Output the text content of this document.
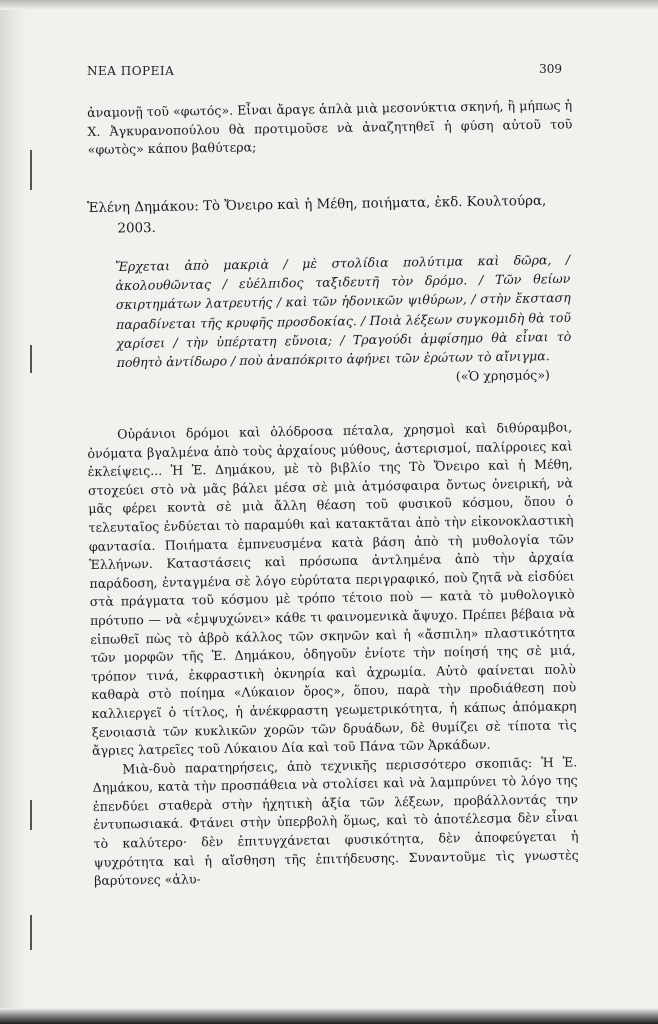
ΝΕΑ ΠΟΡΕΙΑ	309

ἀναμονῇ τοῦ «φωτός». Εἶναι ἄραγε ἁπλὰ μιὰ μεσονύκτια σκηνή, ἢ μήπως ἡ Χ. Ἀγκυρανοπούλου θὰ προτιμοῦσε νὰ ἀναζητηθεῖ ἡ φύση αὐτοῦ τοῦ «φωτὸς» κάπου βαθύτερα;

Ἑλένη Δημάκου: Τὸ Ὄνειρο καὶ ἡ Μέθη, ποιήματα, ἐκδ. Κουλτούρα,
2003.

Ἔρχεται ἀπὸ μακριὰ / μὲ στολίδια πολύτιμα καὶ δῶρα, / ἀκολουθῶντας / εὐέλπιδος ταξιδευτῆ τὸν δρόμο. / Τῶν θείων σκιρτημάτων λατρευτής / καὶ τῶν ἡδονικῶν ψιθύρων, / στὴν ἔκσταση παραδίνεται τῆς κρυφῆς προσδοκίας. / Ποιὰ λέξεων συγκομιδὴ θὰ τοῦ χαρίσει / τὴν ὑπέρτατη εὔνοια; / Τραγούδι ἀμφίσημο θὰ εἶναι τὸ ποθητὸ ἀντίδωρο / ποὺ ἀναπόκριτο ἀφήνει τῶν ἐρώτων τὸ αἴνιγμα.

(«Ὁ χρησμός»)

Οὐράνιοι δρόμοι καὶ ὁλόδροσα πέταλα, χρησμοὶ καὶ διθύραμβοι, ὀνόματα βγαλμένα ἀπὸ τοὺς ἀρχαίους μύθους, ἀστερισμοί, παλίρροιες καὶ ἐκλείψεις... Ἡ Ἑ. Δημάκου, μὲ τὸ βιβλίο της Τὸ Ὄνειρο καὶ ἡ Μέθη, στοχεύει στὸ νὰ μᾶς βάλει μέσα σὲ μιὰ ἀτμόσφαιρα ὄντως ὀνειρική, νὰ μᾶς φέρει κοντὰ σὲ μιὰ ἄλλη θέαση τοῦ φυσικοῦ κόσμου, ὅπου ὁ τελευταῖος ἐνδύεται τὸ παραμύθι καὶ κατακτᾶται ἀπὸ τὴν εἰκονοκλαστικὴ φαντασία. Ποιήματα ἐμπνευσμένα κατὰ βάση ἀπὸ τὴ μυθολογία τῶν Ἑλλήνων. Καταστάσεις καὶ πρόσωπα ἀντλημένα ἀπὸ τὴν ἀρχαία παράδοση, ἐνταγμένα σὲ λόγο εὐρύτατα περιγραφικό, ποὺ ζητᾶ νὰ εἰσδύει στὰ πράγματα τοῦ κόσμου μὲ τρόπο τέτοιο ποὺ — κατὰ τὸ μυθολογικὸ πρότυπο — νὰ «ἐμψυχώνει» κάθε τι φαινομενικὰ ἄψυχο. Πρέπει βέβαια νὰ εἰπωθεῖ πὼς τὸ ἁβρὸ κάλλος τῶν σκηνῶν καὶ ἡ «ἄσπιλη» πλαστικότητα τῶν μορφῶν τῆς Ἑ. Δημάκου, ὁδηγοῦν ἐνίοτε τὴν ποίησή της σὲ μιά, τρόπον τινά, ἐκφραστικὴ ὀκνηρία καὶ ἀχρωμία. Αὐτὸ φαίνεται πολὺ καθαρὰ στὸ ποίημα «Λύκαιον ὄρος», ὅπου, παρὰ τὴν προδιάθεση ποὺ καλλιεργεῖ ὁ τίτλος, ἡ ἀνέκφραστη γεωμετρικότητα, ἡ κάπως ἀπόμακρη ξενοιασιὰ τῶν κυκλικῶν χορῶν τῶν δρυάδων, δὲ θυμίζει σὲ τίποτα τὶς ἄγριες λατρεῖες τοῦ Λύκαιου Δία καὶ τοῦ Πάνα τῶν Ἀρκάδων.

Μιὰ-δυὸ παρατηρήσεις, ἀπὸ τεχνικῆς περισσότερο σκοπιᾶς: Ἡ Ἑ. Δημάκου, κατὰ τὴν προσπάθεια νὰ στολίσει καὶ νὰ λαμπρύνει τὸ λόγο της ἐπενδύει σταθερὰ στὴν ἠχητικὴ ἀξία τῶν λέξεων, προβάλλοντάς την ἐντυπωσιακά. Φτάνει στὴν ὑπερβολὴ ὅμως, καὶ τὸ ἀποτέλεσμα δὲν εἶναι τὸ καλύτερο· δὲν ἐπιτυγχάνεται φυσικότητα, δὲν ἀποφεύγεται ἡ ψυχρότητα καὶ ἡ αἴσθηση τῆς ἐπιτήδευσης. Συναντοῦμε τὶς γνωστὲς βαρύτονες «ἀλυ-
